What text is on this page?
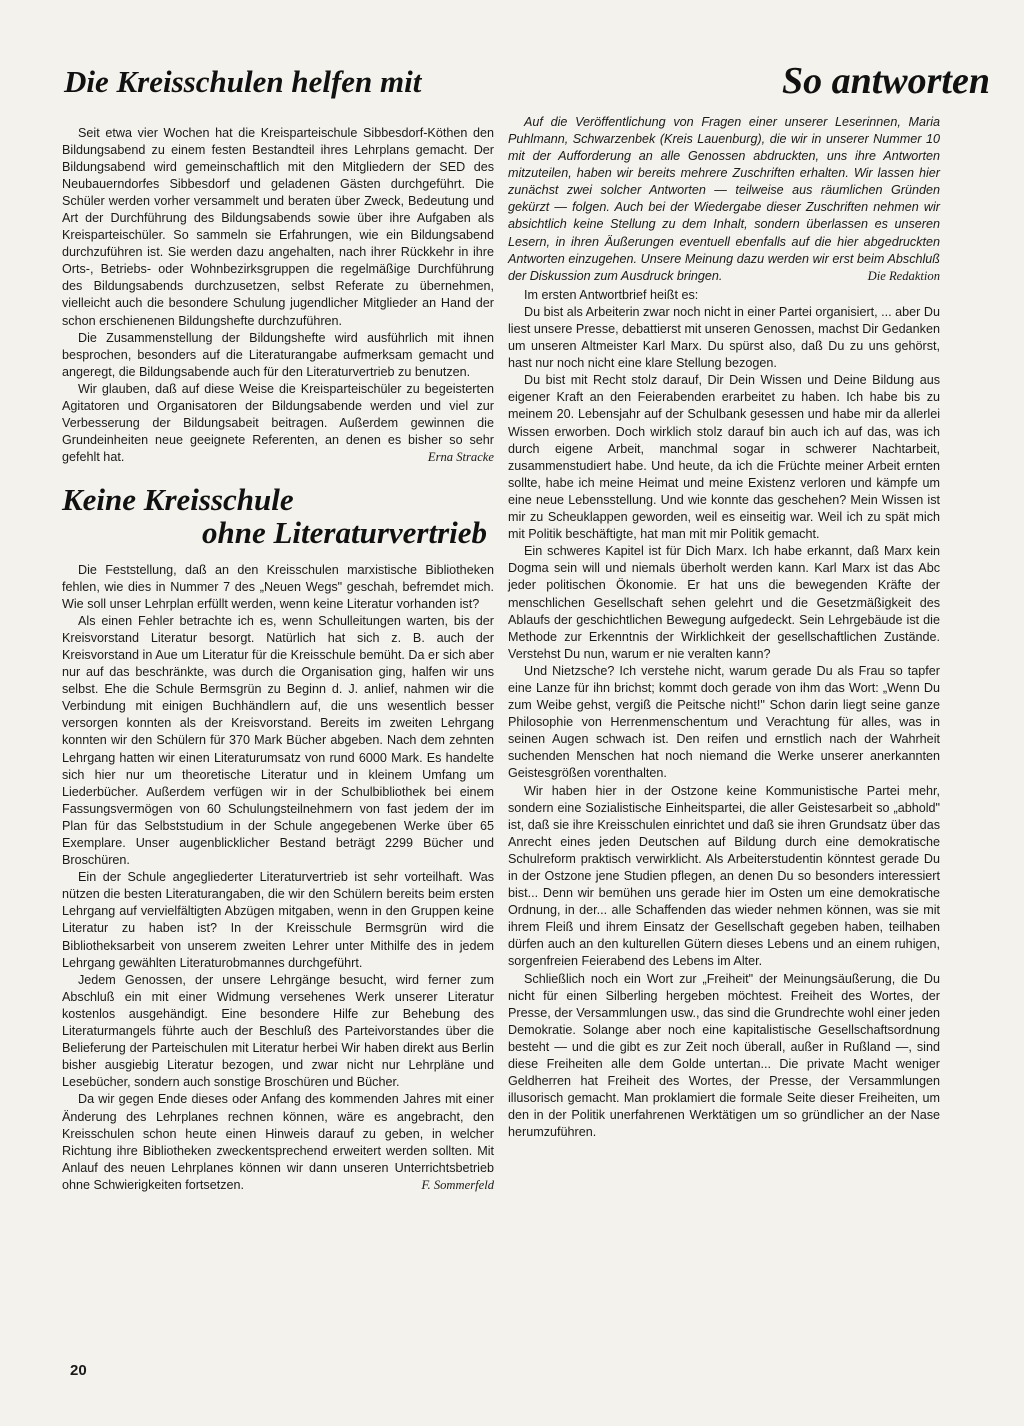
Die Kreisschulen helfen mit

Seit etwa vier Wochen hat die Kreisparteischule Sibbesdorf-Köthen den Bildungsabend zu einem festen Bestandteil ihres Lehrplans gemacht. Der Bildungsabend wird gemeinschaftlich mit den Mitgliedern der SED des Neubauerndorfes Sibbesdorf und geladenen Gästen durchgeführt. Die Schüler werden vorher versammelt und beraten über Zweck, Bedeutung und Art der Durchführung des Bildungsabends sowie über ihre Aufgaben als Kreisparteischüler. So sammeln sie Erfahrungen, wie ein Bildungsabend durchzuführen ist. Sie werden dazu angehalten, nach ihrer Rückkehr in ihre Orts-, Betriebs- oder Wohnbezirksgruppen die regelmäßige Durchführung des Bildungsabends durchzusetzen, selbst Referate zu übernehmen, vielleicht auch die besondere Schulung jugendlicher Mitglieder an Hand der schon erschienenen Bildungshefte durchzuführen.

Die Zusammenstellung der Bildungshefte wird ausführlich mit ihnen besprochen, besonders auf die Literaturangabe aufmerksam gemacht und angeregt, die Bildungsabende auch für den Literaturvertrieb zu benutzen.

Wir glauben, daß auf diese Weise die Kreisparteischüler zu begeisterten Agitatoren und Organisatoren der Bildungsabende werden und viel zur Verbesserung der Bildungsabeit beitragen. Außerdem gewinnen die Grundeinheiten neue geeignete Referenten, an denen es bisher so sehr gefehlt hat.	Erna Stracke

Keine Kreisschule
ohne Literaturvertrieb

Die Feststellung, daß an den Kreisschulen marxistische Bibliotheken fehlen, wie dies in Nummer 7 des „Neuen Wegs" geschah, befremdet mich. Wie soll unser Lehrplan erfüllt werden, wenn keine Literatur vorhanden ist?

Als einen Fehler betrachte ich es, wenn Schulleitungen warten, bis der Kreisvorstand Literatur besorgt. Natürlich hat sich z. B. auch der Kreisvorstand in Aue um Literatur für die Kreisschule bemüht. Da er sich aber nur auf das beschränkte, was durch die Organisation ging, halfen wir uns selbst. Ehe die Schule Bermsgrün zu Beginn d. J. anlief, nahmen wir die Verbindung mit einigen Buchhändlern auf, die uns wesentlich besser versorgen konnten als der Kreisvorstand. Bereits im zweiten Lehrgang konnten wir den Schülern für 370 Mark Bücher abgeben. Nach dem zehnten Lehrgang hatten wir einen Literaturumsatz von rund 6000 Mark. Es handelte sich hier nur um theoretische Literatur und in kleinem Umfang um Liederbücher. Außerdem verfügen wir in der Schulbibliothek bei einem Fassungsvermögen von 60 Schulungsteilnehmern von fast jedem der im Plan für das Selbststudium in der Schule angegebenen Werke über 65 Exemplare. Unser augenblicklicher Bestand beträgt 2299 Bücher und Broschüren.

Ein der Schule angegliederter Literaturvertrieb ist sehr vorteilhaft. Was nützen die besten Literaturangaben, die wir den Schülern bereits beim ersten Lehrgang auf vervielfältigten Abzügen mitgaben, wenn in den Gruppen keine Literatur zu haben ist? In der Kreisschule Bermsgrün wird die Bibliotheksarbeit von unserem zweiten Lehrer unter Mithilfe des in jedem Lehrgang gewählten Literaturobmannes durchgeführt.

Jedem Genossen, der unsere Lehrgänge besucht, wird ferner zum Abschluß ein mit einer Widmung versehenes Werk unserer Literatur kostenlos ausgehändigt. Eine besondere Hilfe zur Behebung des Literaturmangels führte auch der Beschluß des Parteivorstandes über die Belieferung der Parteischulen mit Literatur herbei Wir haben direkt aus Berlin bisher ausgiebig Literatur bezogen, und zwar nicht nur Lehrpläne und Lesebücher, sondern auch sonstige Broschüren und Bücher.

Da wir gegen Ende dieses oder Anfang des kommenden Jahres mit einer Änderung des Lehrplanes rechnen können, wäre es angebracht, den Kreisschulen schon heute einen Hinweis darauf zu geben, in welcher Richtung ihre Bibliotheken zweckentsprechend erweitert werden sollten. Mit Anlauf des neuen Lehrplanes können wir dann unseren Unterrichtsbetrieb ohne Schwierigkeiten fortsetzen.	F. Sommerfeld

So antworten

Auf die Veröffentlichung von Fragen einer unserer Leserinnen, Maria Puhlmann, Schwarzenbek (Kreis Lauenburg), die wir in unserer Nummer 10 mit der Aufforderung an alle Genossen abdruckten, uns ihre Antworten mitzuteilen, haben wir bereits mehrere Zuschriften erhalten. Wir lassen hier zunächst zwei solcher Antworten — teilweise aus räumlichen Gründen gekürzt — folgen. Auch bei der Wiedergabe dieser Zuschriften nehmen wir absichtlich keine Stellung zu dem Inhalt, sondern überlassen es unseren Lesern, in ihren Äußerungen eventuell ebenfalls auf die hier abgedruckten Antworten einzugehen. Unsere Meinung dazu werden wir erst beim Abschluß der Diskussion zum Ausdruck bringen.	Die Redaktion

Im ersten Antwortbrief heißt es:

Du bist als Arbeiterin zwar noch nicht in einer Partei organisiert, ... aber Du liest unsere Presse, debattierst mit unseren Genossen, machst Dir Gedanken um unseren Altmeister Karl Marx. Du spürst also, daß Du zu uns gehörst, hast nur noch nicht eine klare Stellung bezogen.

Du bist mit Recht stolz darauf, Dir Dein Wissen und Deine Bildung aus eigener Kraft an den Feierabenden erarbeitet zu haben. Ich habe bis zu meinem 20. Lebensjahr auf der Schulbank gesessen und habe mir da allerlei Wissen erworben. Doch wirklich stolz darauf bin auch ich auf das, was ich durch eigene Arbeit, manchmal sogar in schwerer Nachtarbeit, zusammenstudiert habe. Und heute, da ich die Früchte meiner Arbeit ernten sollte, habe ich meine Heimat und meine Existenz verloren und kämpfe um eine neue Lebensstellung. Und wie konnte das geschehen? Mein Wissen ist mir zu Scheuklappen geworden, weil es einseitig war. Weil ich zu spät mich mit Politik beschäftigte, hat man mit mir Politik gemacht.

Ein schweres Kapitel ist für Dich Marx. Ich habe erkannt, daß Marx kein Dogma sein will und niemals überholt werden kann. Karl Marx ist das Abc jeder politischen Ökonomie. Er hat uns die bewegenden Kräfte der menschlichen Gesellschaft sehen gelehrt und die Gesetzmäßigkeit des Ablaufs der geschichtlichen Bewegung aufgedeckt. Sein Lehrgebäude ist die Methode zur Erkenntnis der Wirklichkeit der gesellschaftlichen Zustände. Verstehst Du nun, warum er nie veralten kann?

Und Nietzsche? Ich verstehe nicht, warum gerade Du als Frau so tapfer eine Lanze für ihn brichst; kommt doch gerade von ihm das Wort: „Wenn Du zum Weibe gehst, vergiß die Peitsche nicht!" Schon darin liegt seine ganze Philosophie von Herrenmenschentum und Verachtung für alles, was in seinen Augen schwach ist. Den reifen und ernstlich nach der Wahrheit suchenden Menschen hat noch niemand die Werke unserer anerkannten Geistesgrößen vorenthalten.

Wir haben hier in der Ostzone keine Kommunistische Partei mehr, sondern eine Sozialistische Einheitspartei, die aller Geistesarbeit so „abhold" ist, daß sie ihre Kreisschulen einrichtet und daß sie ihren Grundsatz über das Anrecht eines jeden Deutschen auf Bildung durch eine demokratische Schulreform praktisch verwirklicht. Als Arbeiterstudentin könntest gerade Du in der Ostzone jene Studien pflegen, an denen Du so besonders interessiert bist... Denn wir bemühen uns gerade hier im Osten um eine demokratische Ordnung, in der... alle Schaffenden das wieder nehmen können, was sie mit ihrem Fleiß und ihrem Einsatz der Gesellschaft gegeben haben, teilhaben dürfen auch an den kulturellen Gütern dieses Lebens und an einem ruhigen, sorgenfreien Feierabend des Lebens im Alter.

Schließlich noch ein Wort zur „Freiheit" der Meinungsäußerung, die Du nicht für einen Silberling hergeben möchtest. Freiheit des Wortes, der Presse, der Versammlungen usw., das sind die Grundrechte wohl einer jeden Demokratie. Solange aber noch eine kapitalistische Gesellschaftsordnung besteht — und die gibt es zur Zeit noch überall, außer in Rußland —, sind diese Freiheiten alle dem Golde untertan... Die private Macht weniger Geldherren hat Freiheit des Wortes, der Presse, der Versammlungen illusorisch gemacht. Man proklamiert die formale Seite dieser Freiheiten, um den in der Politik unerfahrenen Werktätigen um so gründlicher an der Nase herumzuführen.

20
